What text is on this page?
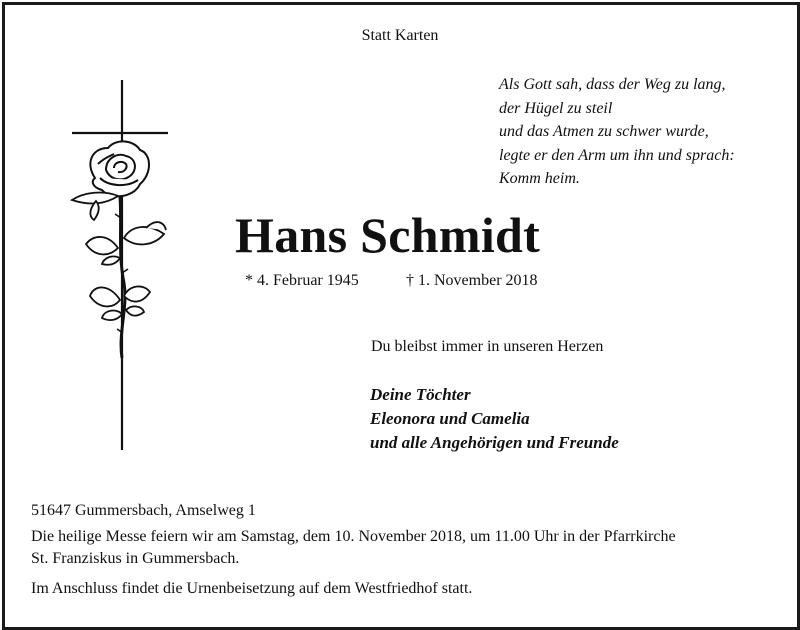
Statt Karten
Als Gott sah, dass der Weg zu lang,
der Hügel zu steil
und das Atmen zu schwer wurde,
legte er den Arm um ihn und sprach:
Komm heim.
Hans Schmidt
* 4. Februar 1945	† 1. November 2018
Du bleibst immer in unseren Herzen
Deine Töchter
Eleonora und Camelia
und alle Angehörigen und Freunde
51647 Gummersbach, Amselweg 1
Die heilige Messe feiern wir am Samstag, dem 10. November 2018, um 11.00 Uhr in der Pfarrkirche
St. Franziskus in Gummersbach.
Im Anschluss findet die Urnenbeisetzung auf dem Westfriedhof statt.
